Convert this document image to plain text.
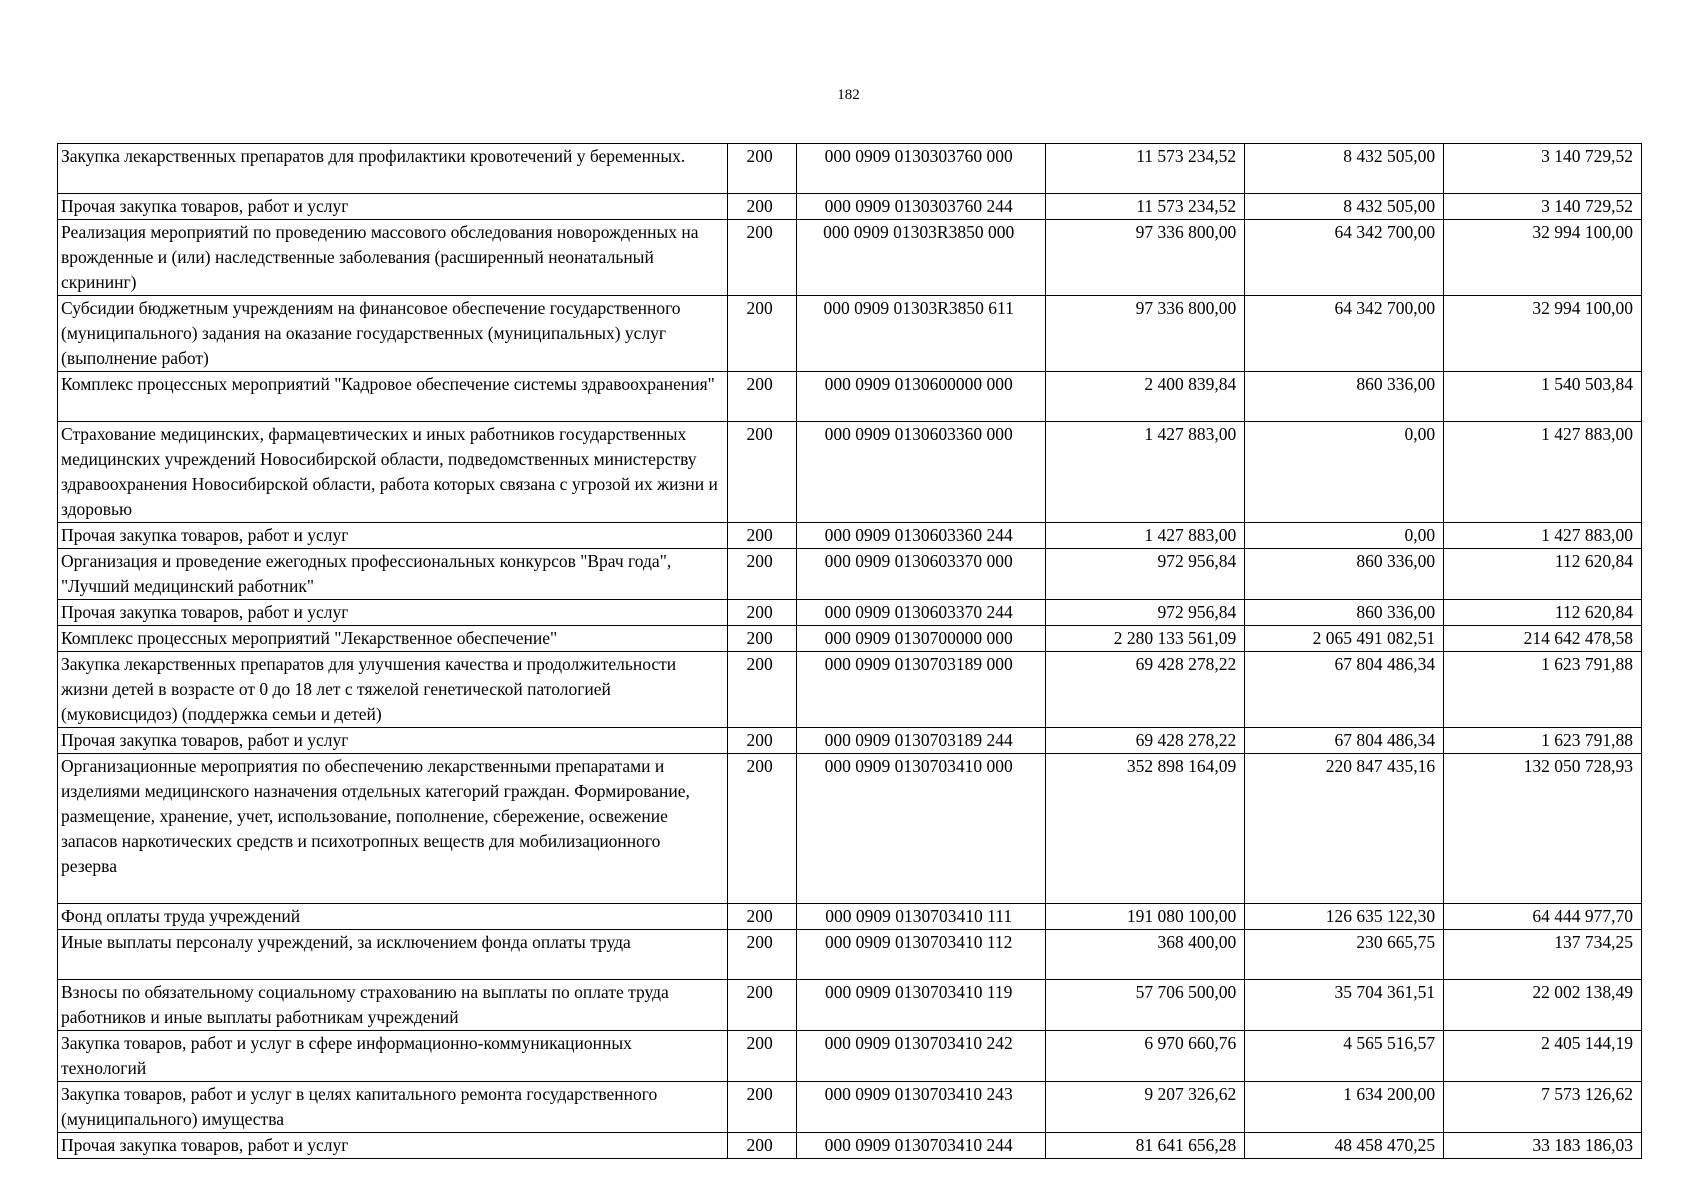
182
Закупка лекарственных препаратов для профилактики кровотечений у беременных.	200	000 0909 0130303760 000	11 573 234,52	8 432 505,00	3 140 729,52
Прочая закупка товаров, работ и услуг	200	000 0909 0130303760 244	11 573 234,52	8 432 505,00	3 140 729,52
Реализация мероприятий по проведению массового обследования новорожденных на врожденные и (или) наследственные заболевания (расширенный неонатальный скрининг)	200	000 0909 01303R3850 000	97 336 800,00	64 342 700,00	32 994 100,00
Субсидии бюджетным учреждениям на финансовое обеспечение государственного (муниципального) задания на оказание государственных (муниципальных) услуг (выполнение работ)	200	000 0909 01303R3850 611	97 336 800,00	64 342 700,00	32 994 100,00
Комплекс процессных мероприятий "Кадровое обеспечение системы здравоохранения"	200	000 0909 0130600000 000	2 400 839,84	860 336,00	1 540 503,84
Страхование медицинских, фармацевтических и иных работников государственных медицинских учреждений Новосибирской области, подведомственных министерству здравоохранения Новосибирской области, работа которых связана с угрозой их жизни и здоровью	200	000 0909 0130603360 000	1 427 883,00	0,00	1 427 883,00
Прочая закупка товаров, работ и услуг	200	000 0909 0130603360 244	1 427 883,00	0,00	1 427 883,00
Организация и проведение ежегодных профессиональных конкурсов "Врач года", "Лучший медицинский работник"	200	000 0909 0130603370 000	972 956,84	860 336,00	112 620,84
Прочая закупка товаров, работ и услуг	200	000 0909 0130603370 244	972 956,84	860 336,00	112 620,84
Комплекс процессных мероприятий "Лекарственное обеспечение"	200	000 0909 0130700000 000	2 280 133 561,09	2 065 491 082,51	214 642 478,58
Закупка лекарственных препаратов для улучшения качества и продолжительности жизни детей в возрасте от 0 до 18 лет с тяжелой генетической патологией (муковисцидоз) (поддержка семьи и детей)	200	000 0909 0130703189 000	69 428 278,22	67 804 486,34	1 623 791,88
Прочая закупка товаров, работ и услуг	200	000 0909 0130703189 244	69 428 278,22	67 804 486,34	1 623 791,88
Организационные мероприятия по обеспечению лекарственными препаратами и изделиями медицинского назначения отдельных категорий граждан. Формирование, размещение, хранение, учет, использование, пополнение, сбережение, освежение запасов наркотических средств и психотропных веществ для мобилизационного резерва	200	000 0909 0130703410 000	352 898 164,09	220 847 435,16	132 050 728,93
Фонд оплаты труда учреждений	200	000 0909 0130703410 111	191 080 100,00	126 635 122,30	64 444 977,70
Иные выплаты персоналу учреждений, за исключением фонда оплаты труда	200	000 0909 0130703410 112	368 400,00	230 665,75	137 734,25
Взносы по обязательному социальному страхованию на выплаты по оплате труда работников и иные выплаты работникам учреждений	200	000 0909 0130703410 119	57 706 500,00	35 704 361,51	22 002 138,49
Закупка товаров, работ и услуг в сфере информационно-коммуникационных технологий	200	000 0909 0130703410 242	6 970 660,76	4 565 516,57	2 405 144,19
Закупка товаров, работ и услуг в целях капитального ремонта государственного (муниципального) имущества	200	000 0909 0130703410 243	9 207 326,62	1 634 200,00	7 573 126,62
Прочая закупка товаров, работ и услуг	200	000 0909 0130703410 244	81 641 656,28	48 458 470,25	33 183 186,03
